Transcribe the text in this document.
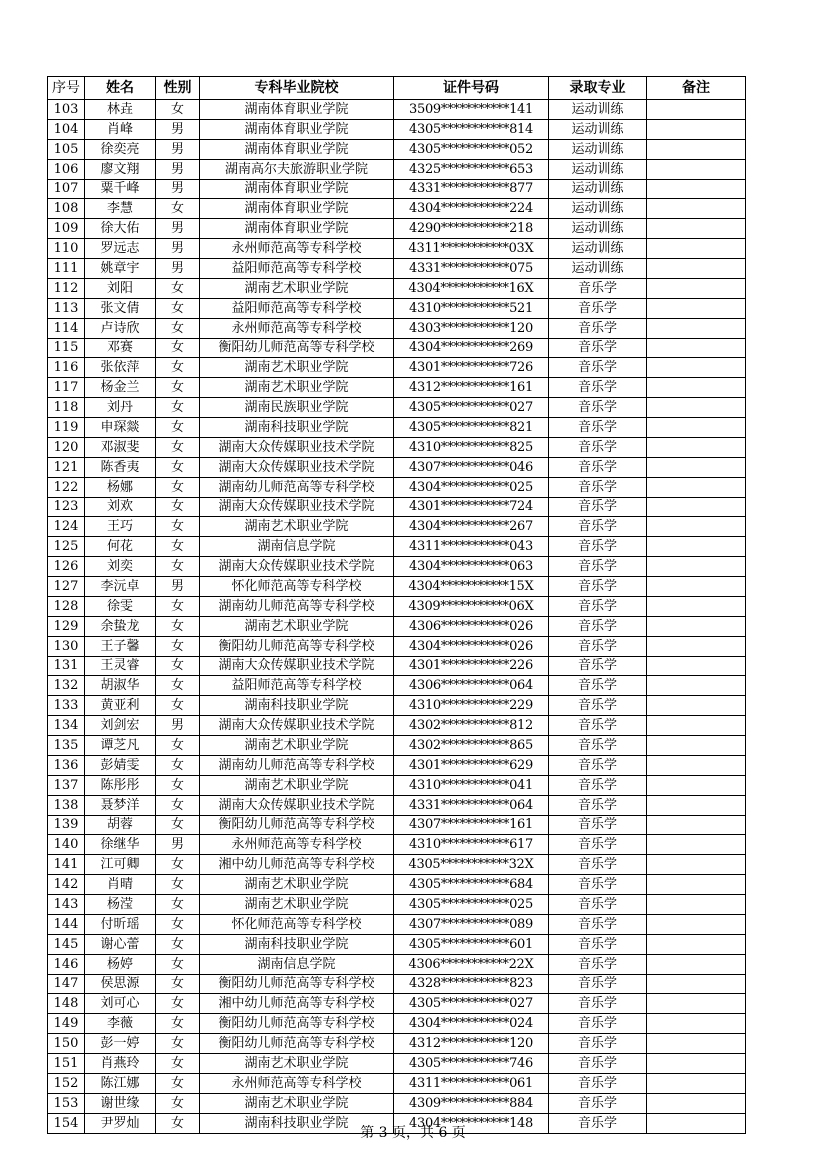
序号	姓名	性别	专科毕业院校	证件号码	录取专业	备注
103	林垚	女	湖南体育职业学院	3509***********141	运动训练	
104	肖峰	男	湖南体育职业学院	4305***********814	运动训练	
105	徐奕亮	男	湖南体育职业学院	4305***********052	运动训练	
106	廖文翔	男	湖南高尔夫旅游职业学院	4325***********653	运动训练	
107	粟千峰	男	湖南体育职业学院	4331***********877	运动训练	
108	李慧	女	湖南体育职业学院	4304***********224	运动训练	
109	徐大佑	男	湖南体育职业学院	4290***********218	运动训练	
110	罗远志	男	永州师范高等专科学校	4311***********03X	运动训练	
111	姚章宇	男	益阳师范高等专科学校	4331***********075	运动训练	
112	刘阳	女	湖南艺术职业学院	4304***********16X	音乐学	
113	张文倩	女	益阳师范高等专科学校	4310***********521	音乐学	
114	卢诗欣	女	永州师范高等专科学校	4303***********120	音乐学	
115	邓赛	女	衡阳幼儿师范高等专科学校	4304***********269	音乐学	
116	张依萍	女	湖南艺术职业学院	4301***********726	音乐学	
117	杨金兰	女	湖南艺术职业学院	4312***********161	音乐学	
118	刘丹	女	湖南民族职业学院	4305***********027	音乐学	
119	申琛燚	女	湖南科技职业学院	4305***********821	音乐学	
120	邓淑斐	女	湖南大众传媒职业技术学院	4310***********825	音乐学	
121	陈香夷	女	湖南大众传媒职业技术学院	4307***********046	音乐学	
122	杨娜	女	湖南幼儿师范高等专科学校	4304***********025	音乐学	
123	刘欢	女	湖南大众传媒职业技术学院	4301***********724	音乐学	
124	王巧	女	湖南艺术职业学院	4304***********267	音乐学	
125	何花	女	湖南信息学院	4311***********043	音乐学	
126	刘奕	女	湖南大众传媒职业技术学院	4304***********063	音乐学	
127	李沅卓	男	怀化师范高等专科学校	4304***********15X	音乐学	
128	徐雯	女	湖南幼儿师范高等专科学校	4309***********06X	音乐学	
129	余蛰龙	女	湖南艺术职业学院	4306***********026	音乐学	
130	王子馨	女	衡阳幼儿师范高等专科学校	4304***********026	音乐学	
131	王灵睿	女	湖南大众传媒职业技术学院	4301***********226	音乐学	
132	胡淑华	女	益阳师范高等专科学校	4306***********064	音乐学	
133	黄亚利	女	湖南科技职业学院	4310***********229	音乐学	
134	刘剑宏	男	湖南大众传媒职业技术学院	4302***********812	音乐学	
135	谭芝凡	女	湖南艺术职业学院	4302***********865	音乐学	
136	彭婧雯	女	湖南幼儿师范高等专科学校	4301***********629	音乐学	
137	陈彤彤	女	湖南艺术职业学院	4310***********041	音乐学	
138	聂梦洋	女	湖南大众传媒职业技术学院	4331***********064	音乐学	
139	胡蓉	女	衡阳幼儿师范高等专科学校	4307***********161	音乐学	
140	徐继华	男	永州师范高等专科学校	4310***********617	音乐学	
141	江可卿	女	湘中幼儿师范高等专科学校	4305***********32X	音乐学	
142	肖晴	女	湖南艺术职业学院	4305***********684	音乐学	
143	杨滢	女	湖南艺术职业学院	4305***********025	音乐学	
144	付昕瑶	女	怀化师范高等专科学校	4307***********089	音乐学	
145	谢心蕾	女	湖南科技职业学院	4305***********601	音乐学	
146	杨婷	女	湖南信息学院	4306***********22X	音乐学	
147	侯思源	女	衡阳幼儿师范高等专科学校	4328***********823	音乐学	
148	刘可心	女	湘中幼儿师范高等专科学校	4305***********027	音乐学	
149	李薇	女	衡阳幼儿师范高等专科学校	4304***********024	音乐学	
150	彭一婷	女	衡阳幼儿师范高等专科学校	4312***********120	音乐学	
151	肖燕玲	女	湖南艺术职业学院	4305***********746	音乐学	
152	陈江娜	女	永州师范高等专科学校	4311***********061	音乐学	
153	谢世缘	女	湖南艺术职业学院	4309***********884	音乐学	
154	尹罗灿	女	湖南科技职业学院	4304***********148	音乐学	
第 3 页，共 6 页
